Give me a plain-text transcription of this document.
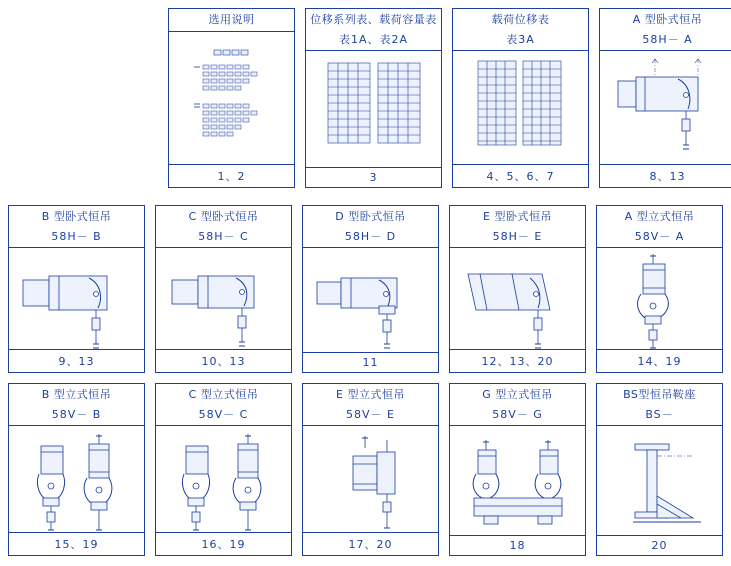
选用说明
1、2
位移系列表、载荷容量表
表1A、表2A
3
载荷位移表
表3A
4、5、6、7
A 型卧式恒吊
58H－ A
8、13
B 型卧式恒吊
58H－ B
9、13
C 型卧式恒吊
58H－ C
10、13
D 型卧式恒吊
58H－ D
11
E 型卧式恒吊
58H－ E
12、13、20
A 型立式恒吊
58V－ A
14、19
B 型立式恒吊
58V－ B
15、19
C 型立式恒吊
58V－ C
16、19
E 型立式恒吊
58V－ E
17、20
G 型立式恒吊
58V－ G
18
BS型恒吊鞍座
BS－
20
